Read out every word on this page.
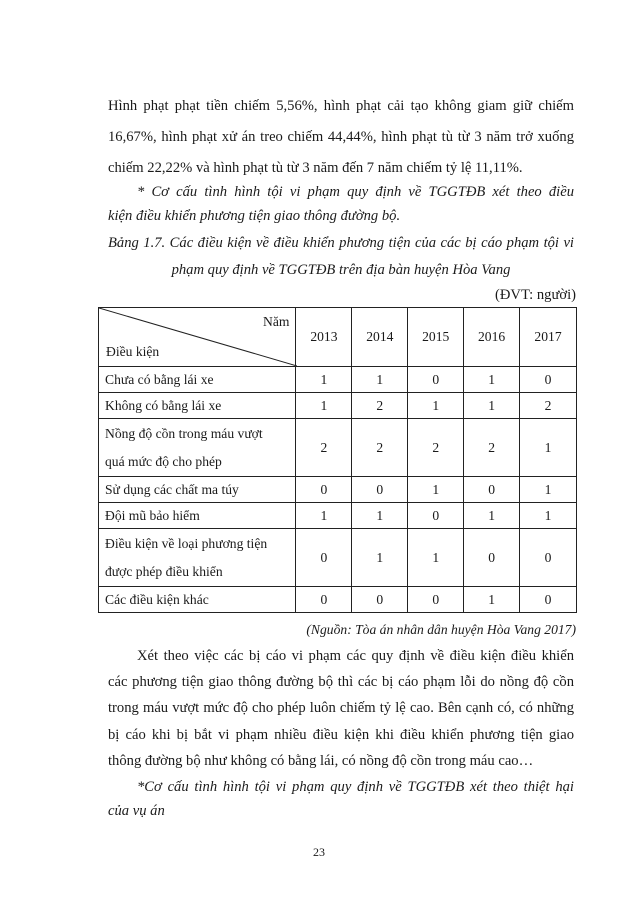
Hình phạt phạt tiền chiếm 5,56%, hình phạt cải tạo không giam giữ chiếm
16,67%, hình phạt xử án treo chiếm 44,44%, hình phạt tù từ 3 năm trở xuống
chiếm 22,22% và hình phạt tù từ 3 năm đến 7 năm chiếm tỷ lệ 11,11%.
* Cơ cấu tình hình tội vi phạm quy định về TGGTĐB xét theo điều
kiện điều khiển phương tiện giao thông đường bộ.
Bảng 1.7. Các điều kiện về điều khiển phương tiện của các bị cáo phạm tội vi
phạm quy định về TGGTĐB trên địa bàn huyện Hòa Vang
(ĐVT: người)
Năm
Điều kiện	2013	2014	2015	2016	2017
Chưa có bằng lái xe	1	1	0	1	0
Không có bằng lái xe	1	2	1	1	2

Nồng độ cồn trong máu vượt
quá mức độ cho phép	2	2	2	2	1
Sử dụng các chất ma túy	0	0	1	0	1
Đội mũ bảo hiểm	1	1	0	1	1

Điều kiện về loại phương tiện
được phép điều khiển	0	1	1	0	0
Các điều kiện khác	0	0	0	1	0
(Nguồn: Tòa án nhân dân huyện Hòa Vang 2017)
Xét theo việc các bị cáo vi phạm các quy định về điều kiện điều khiển
các phương tiện giao thông đường bộ thì các bị cáo phạm lỗi do nồng độ cồn
trong máu vượt mức độ cho phép luôn chiếm tỷ lệ cao. Bên cạnh có, có những
bị cáo khi bị bắt vi phạm nhiều điều kiện khi điều khiển phương tiện giao
thông đường bộ như không có bằng lái, có nồng độ cồn trong máu cao…
*Cơ cấu tình hình tội vi phạm quy định về TGGTĐB xét theo thiệt hại
của vụ án
23
